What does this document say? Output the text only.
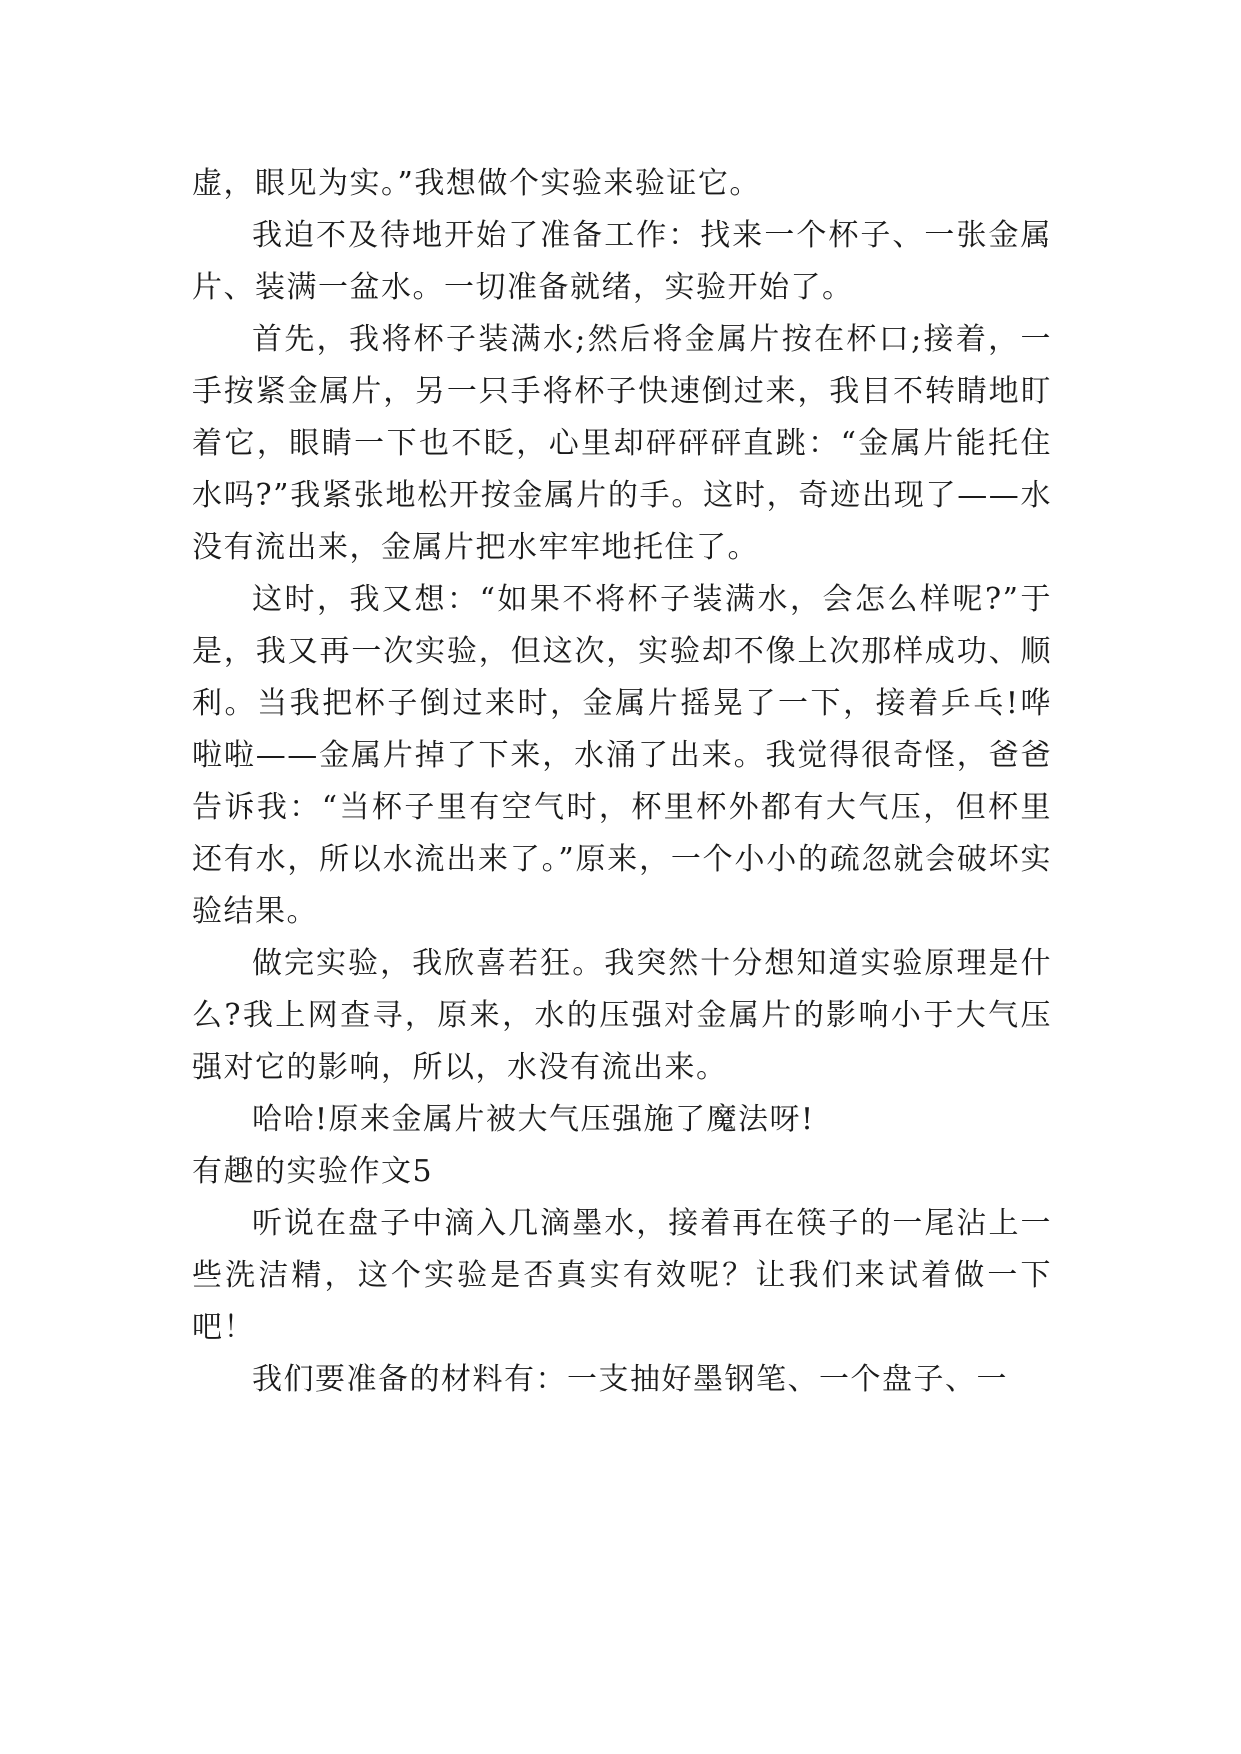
虚，眼见为实。”我想做个实验来验证它。

我迫不及待地开始了准备工作：找来一个杯子、一张金属片、装满一盆水。一切准备就绪，实验开始了。

首先，我将杯子装满水;然后将金属片按在杯口;接着，一手按紧金属片，另一只手将杯子快速倒过来，我目不转睛地盯着它，眼睛一下也不眨，心里却砰砰砰直跳：“金属片能托住水吗?”我紧张地松开按金属片的手。这时，奇迹出现了——水没有流出来，金属片把水牢牢地托住了。

这时，我又想：“如果不将杯子装满水，会怎么样呢?”于是，我又再一次实验，但这次，实验却不像上次那样成功、顺利。当我把杯子倒过来时，金属片摇晃了一下，接着乒乓!哗啦啦——金属片掉了下来，水涌了出来。我觉得很奇怪，爸爸告诉我：“当杯子里有空气时，杯里杯外都有大气压，但杯里还有水，所以水流出来了。”原来，一个小小的疏忽就会破坏实验结果。

做完实验，我欣喜若狂。我突然十分想知道实验原理是什么?我上网查寻，原来，水的压强对金属片的影响小于大气压强对它的影响，所以，水没有流出来。

哈哈!原来金属片被大气压强施了魔法呀!

有趣的实验作文5

听说在盘子中滴入几滴墨水，接着再在筷子的一尾沾上一些洗洁精，这个实验是否真实有效呢？让我们来试着做一下吧！

我们要准备的材料有：一支抽好墨钢笔、一个盘子、一
